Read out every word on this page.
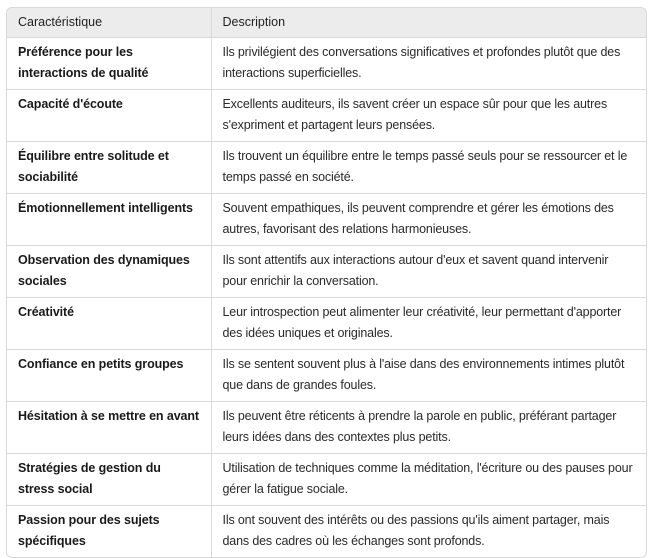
Caractéristique	Description
Préférence pour les interactions de qualité	Ils privilégient des conversations significatives et profondes plutôt que des interactions superficielles.
Capacité d'écoute	Excellents auditeurs, ils savent créer un espace sûr pour que les autres s'expriment et partagent leurs pensées.
Équilibre entre solitude et sociabilité	Ils trouvent un équilibre entre le temps passé seuls pour se ressourcer et le temps passé en société.
Émotionnellement intelligents	Souvent empathiques, ils peuvent comprendre et gérer les émotions des autres, favorisant des relations harmonieuses.
Observation des dynamiques sociales	Ils sont attentifs aux interactions autour d'eux et savent quand intervenir pour enrichir la conversation.
Créativité	Leur introspection peut alimenter leur créativité, leur permettant d'apporter des idées uniques et originales.
Confiance en petits groupes	Ils se sentent souvent plus à l'aise dans des environnements intimes plutôt que dans de grandes foules.
Hésitation à se mettre en avant	Ils peuvent être réticents à prendre la parole en public, préférant partager leurs idées dans des contextes plus petits.
Stratégies de gestion du stress social	Utilisation de techniques comme la méditation, l'écriture ou des pauses pour gérer la fatigue sociale.
Passion pour des sujets spécifiques	Ils ont souvent des intérêts ou des passions qu'ils aiment partager, mais dans des cadres où les échanges sont profonds.
